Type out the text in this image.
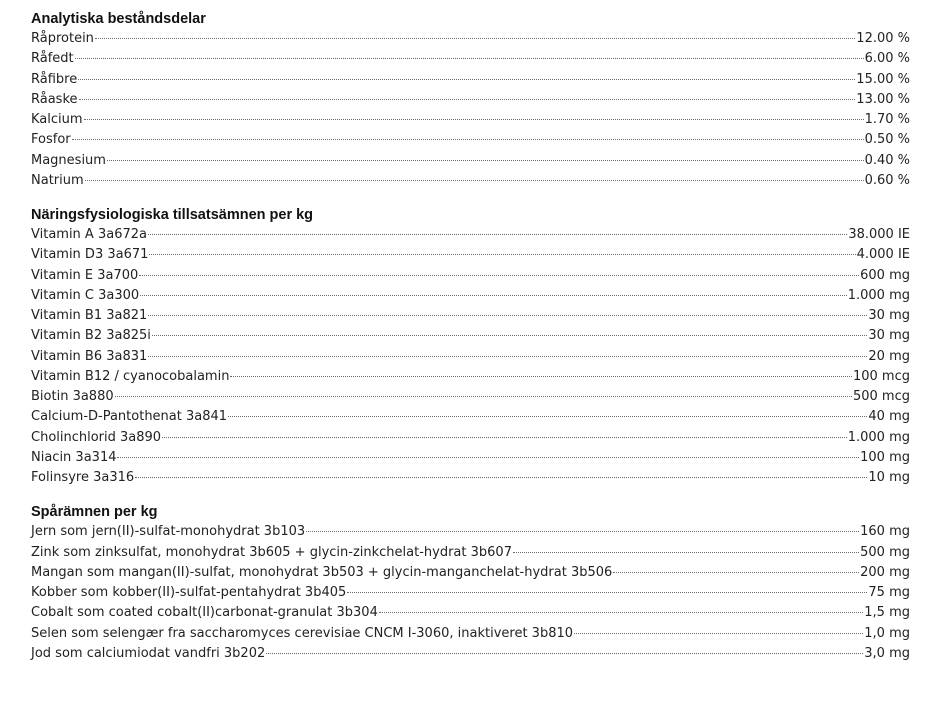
Analytiska beståndsdelar
Råprotein	12.00 %
Råfedt	6.00 %
Råfibre	15.00 %
Råaske	13.00 %
Kalcium	1.70 %
Fosfor	0.50 %
Magnesium	0.40 %
Natrium	0.60 %
Näringsfysiologiska tillsatsämnen per kg
Vitamin A 3a672a	38.000 IE
Vitamin D3 3a671	4.000 IE
Vitamin E 3a700	600 mg
Vitamin C 3a300	1.000 mg
Vitamin B1 3a821	30 mg
Vitamin B2 3a825i	30 mg
Vitamin B6 3a831	20 mg
Vitamin B12 / cyanocobalamin	100 mcg
Biotin 3a880	500 mcg
Calcium-D-Pantothenat 3a841	40 mg
Cholinchlorid 3a890	1.000 mg
Niacin 3a314	100 mg
Folinsyre 3a316	10 mg
Spårämnen per kg
Jern som jern(II)-sulfat-monohydrat 3b103	160 mg
Zink som zinksulfat, monohydrat 3b605 + glycin-zinkchelat-hydrat 3b607	500 mg
Mangan som mangan(II)-sulfat, monohydrat 3b503 + glycin-manganchelat-hydrat 3b506	200 mg
Kobber som kobber(II)-sulfat-pentahydrat 3b405	75 mg
Cobalt som coated cobalt(II)carbonat-granulat 3b304	1,5 mg
Selen som selengær fra saccharomyces cerevisiae CNCM I-3060, inaktiveret 3b810	1,0 mg
Jod som calciumiodat vandfri 3b202	3,0 mg
